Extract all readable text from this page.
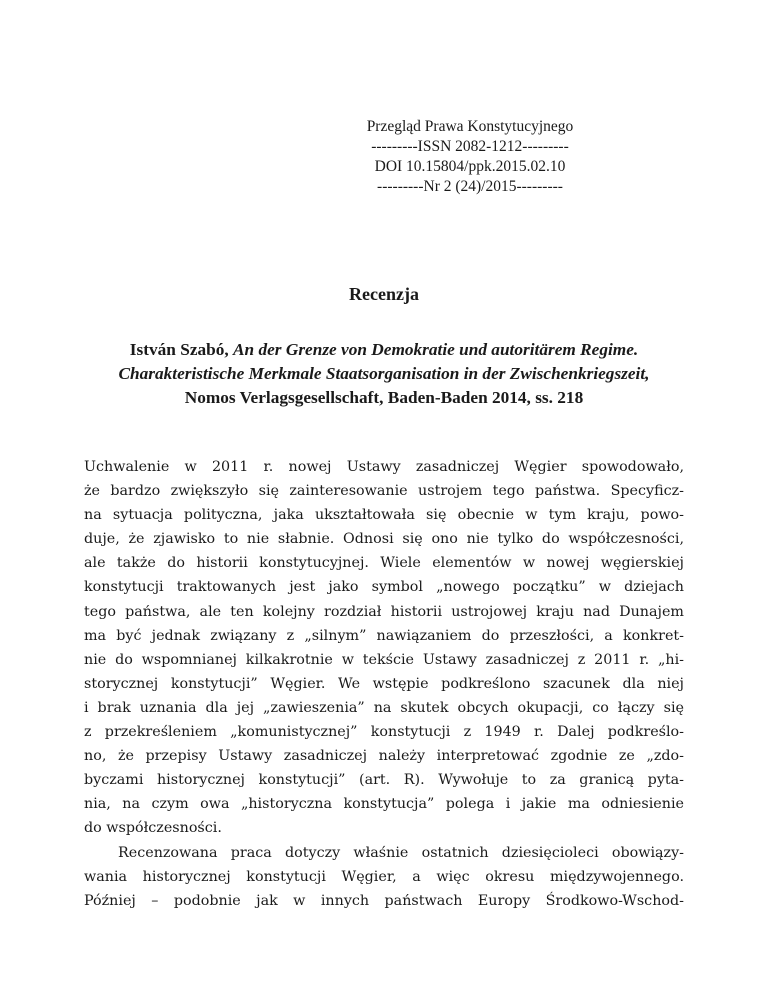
Przegląd Prawa Konstytucyjnego
---------ISSN 2082-1212---------
DOI 10.15804/ppk.2015.02.10
---------Nr 2 (24)/2015---------
Recenzja
István Szabó, An der Grenze von Demokratie und autoritärem Regime.
Charakteristische Merkmale Staatsorganisation in der Zwischenkriegszeit,
Nomos Verlagsgesellschaft, Baden-Baden 2014, ss. 218
Uchwalenie w 2011 r. nowej Ustawy zasadniczej Węgier spowodowało,
że bardzo zwiększyło się zainteresowanie ustrojem tego państwa. Specyficz-
na sytuacja polityczna, jaka ukształtowała się obecnie w tym kraju, powo-
duje, że zjawisko to nie słabnie. Odnosi się ono nie tylko do współczesności,
ale także do historii konstytucyjnej. Wiele elementów w nowej węgierskiej
konstytucji traktowanych jest jako symbol „nowego początku” w dziejach
tego państwa, ale ten kolejny rozdział historii ustrojowej kraju nad Dunajem
ma być jednak związany z „silnym” nawiązaniem do przeszłości, a konkret-
nie do wspomnianej kilkakrotnie w tekście Ustawy zasadniczej z 2011 r. „hi-
storycznej konstytucji” Węgier. We wstępie podkreślono szacunek dla niej
i brak uznania dla jej „zawieszenia” na skutek obcych okupacji, co łączy się
z przekreśleniem „komunistycznej” konstytucji z 1949 r. Dalej podkreślo-
no, że przepisy Ustawy zasadniczej należy interpretować zgodnie ze „zdo-
byczami historycznej konstytucji” (art. R). Wywołuje to za granicą pyta-
nia, na czym owa „historyczna konstytucja” polega i jakie ma odniesienie
do współczesności.
Recenzowana praca dotyczy właśnie ostatnich dziesięcioleci obowiązy-
wania historycznej konstytucji Węgier, a więc okresu międzywojennego.
Później – podobnie jak w innych państwach Europy Środkowo-Wschod-
